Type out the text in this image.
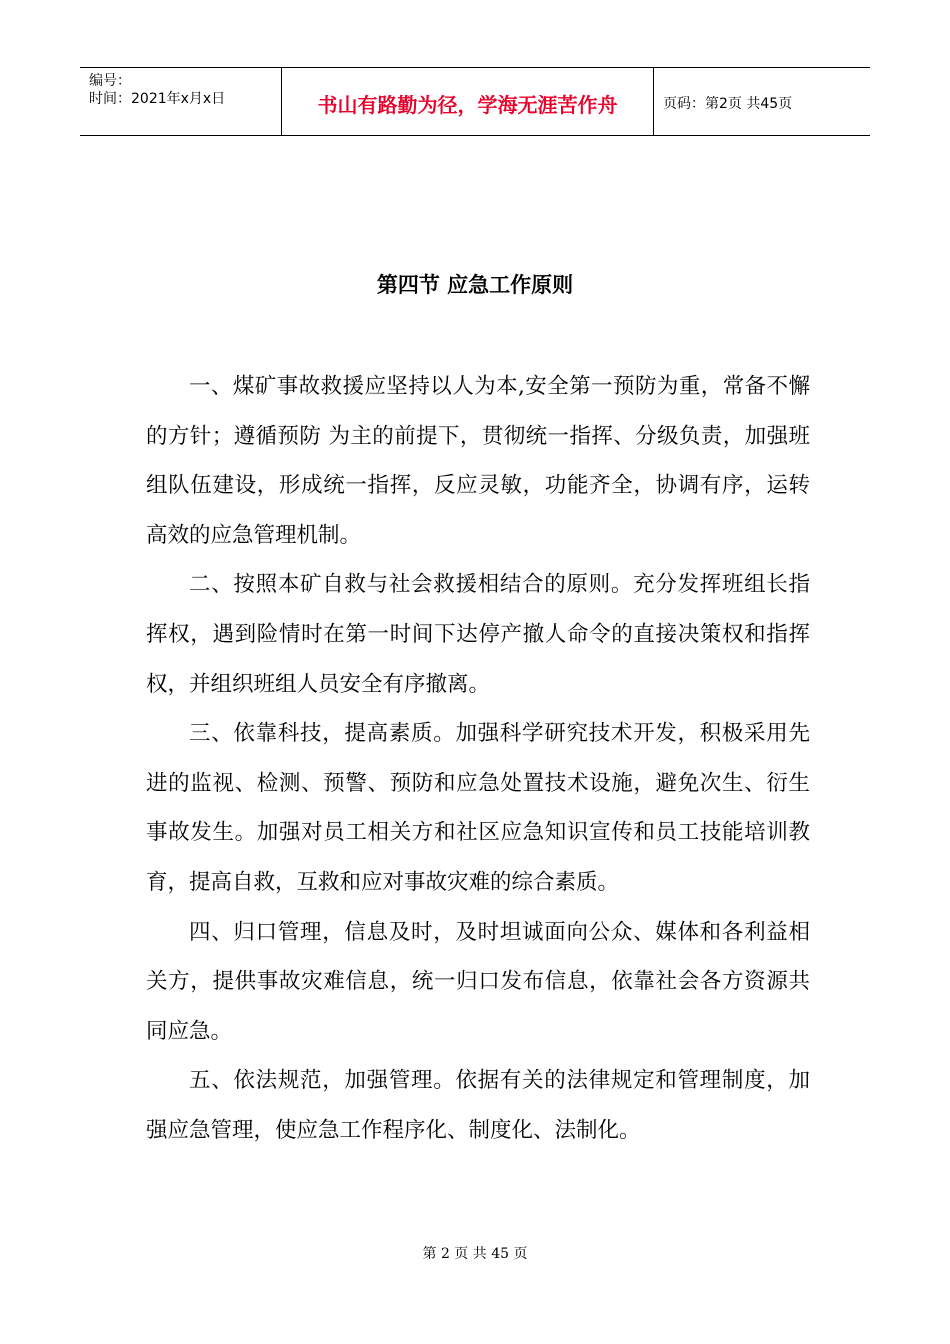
编号：
时间：2021年x月x日	书山有路勤为径，学海无涯苦作舟	页码：第2页 共45页
第四节 应急工作原则

一、煤矿事故救援应坚持以人为本,安全第一预防为重，常备不懈的方针；遵循预防 为主的前提下，贯彻统一指挥、分级负责，加强班组队伍建设，形成统一指挥，反应灵敏，功能齐全，协调有序，运转高效的应急管理机制。

二、按照本矿自救与社会救援相结合的原则。充分发挥班组长指挥权，遇到险情时在第一时间下达停产撤人命令的直接决策权和指挥权，并组织班组人员安全有序撤离。

三、依靠科技，提高素质。加强科学研究技术开发，积极采用先进的监视、检测、预警、预防和应急处置技术设施，避免次生、衍生事故发生。加强对员工相关方和社区应急知识宣传和员工技能培训教育，提高自救，互救和应对事故灾难的综合素质。

四、归口管理，信息及时，及时坦诚面向公众、媒体和各利益相关方，提供事故灾难信息，统一归口发布信息，依靠社会各方资源共同应急。

五、依法规范，加强管理。依据有关的法律规定和管理制度，加强应急管理，使应急工作程序化、制度化、法制化。

第 2 页 共 45 页
